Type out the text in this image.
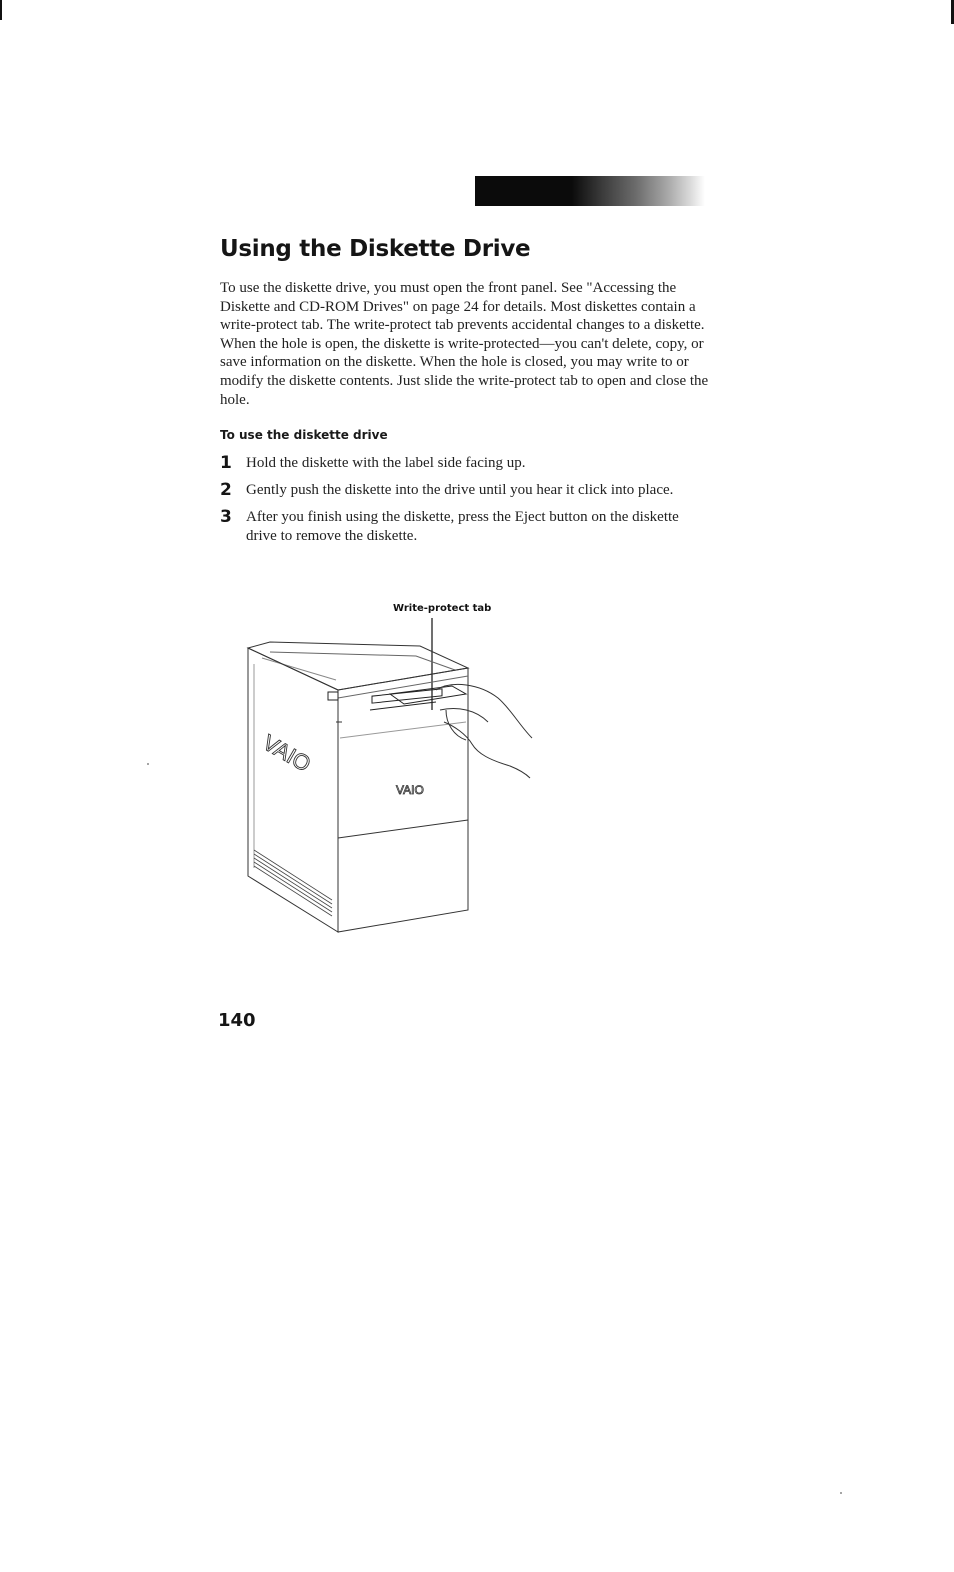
Using the Diskette Drive

To use the diskette drive, you must open the front panel. See "Accessing the Diskette and CD-ROM Drives" on page 24 for details. Most diskettes contain a write-protect tab. The write-protect tab prevents accidental changes to a diskette. When the hole is open, the diskette is write-protected—you can't delete, copy, or save information on the diskette. When the hole is closed, you may write to or modify the diskette contents. Just slide the write-protect tab to open and close the hole.

To use the diskette drive
1 Hold the diskette with the label side facing up.
2 Gently push the diskette into the drive until you hear it click into place.
3 After you finish using the diskette, press the Eject button on the diskette drive to remove the diskette.
Write-protect tab
VAIO
VAIO

140
